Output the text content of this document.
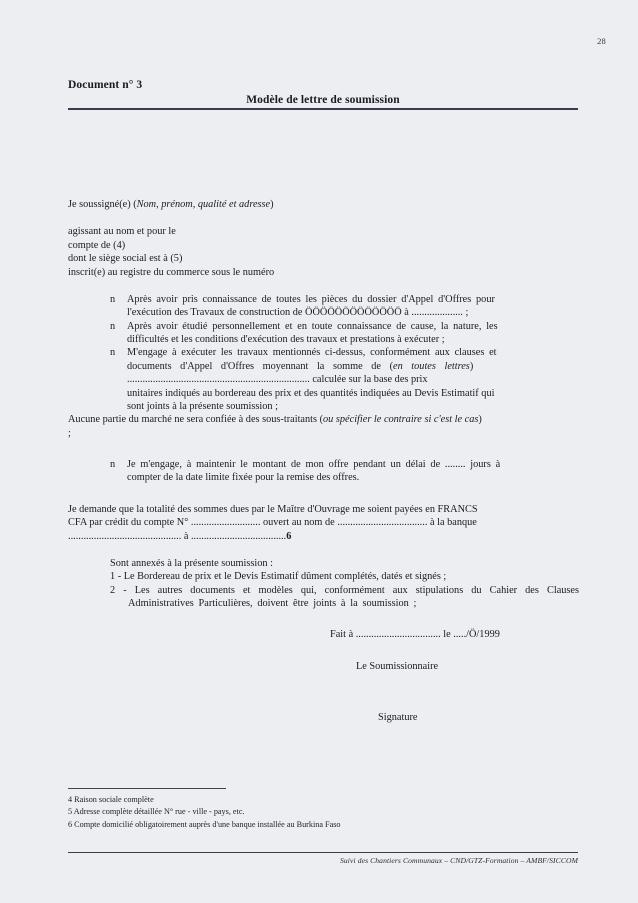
28
Document n° 3
Modèle de lettre de soumission

Je soussigné(e) (Nom, prénom, qualité et adresse)

agissant au nom et pour le

compte de (4)

dont le siège social est à (5)

inscrit(e) au registre du commerce sous le numéro

n	Après avoir pris connaissance de toutes les pièces du dossier d'Appel d'Offres pour
l'exécution des Travaux de construction de ÖÖÖÖÖÖÖÖÖÖÖÖÖ à .................... ;
n	Après avoir étudié personnellement et en toute connaissance de cause, la nature, les
difficultés et les conditions d'exécution des travaux et prestations à exécuter ;
n	M'engage à exécuter les travaux mentionnés ci-dessus, conformément aux clauses et
documents d'Appel d'Offres moyennant la somme de (en toutes lettres)
....................................................................... calculée sur la base des prix
unitaires indiqués au bordereau des prix et des quantités indiquées au Devis Estimatif qui
sont joints à la présente soumission ;

Aucune partie du marché ne sera confiée à des sous-traitants (ou spécifier le contraire si c'est le cas)

;

n	Je m'engage, à maintenir le montant de mon offre pendant un délai de ........ jours à
compter de la date limite fixée pour la remise des offres.

Je demande que la totalité des sommes dues par le Maître d'Ouvrage me soient payées en FRANCS

CFA par crédit du compte N° ........................... ouvert au nom de ................................... à la banque

............................................ à .....................................6

Sont annexés à la présente soumission :

1 - Le Bordereau de prix et le Devis Estimatif dûment complétés, datés et signés ;

2 - Les autres documents et modèles qui, conformément aux stipulations du Cahier des Clauses Administratives Particulières, doivent être joints à la soumission ;

Fait à ................................. le ...../Ö/1999

Le Soumissionnaire

Signature

4 Raison sociale complète
5 Adresse complète détaillée N° rue - ville - pays, etc.
6 Compte domicilié obligatoirement auprès d'une banque installée au Burkina Faso
Suivi des Chantiers Communaux – CND/GTZ-Formation – AMBF/SICCOM
